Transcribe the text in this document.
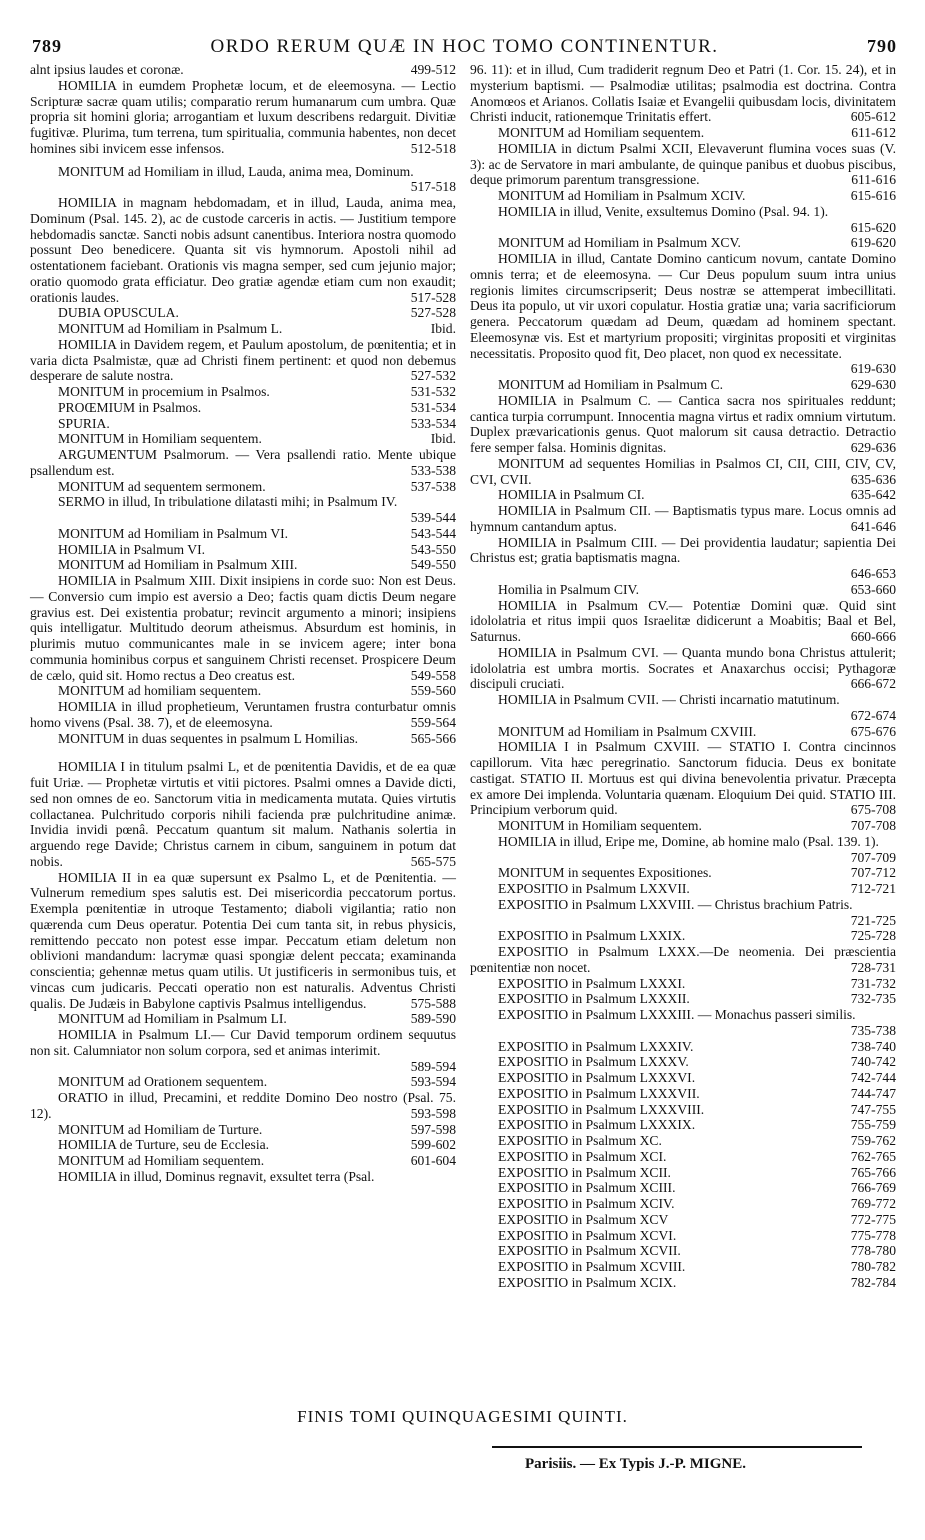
789	ORDO RERUM QUÆ IN HOC TOMO CONTINENTUR.	790

alnt ipsius laudes et coronæ.	499-512

HOMILIA in eumdem Prophetæ locum, et de eleemosyna. — Lectio Scripturæ sacræ quam utilis; comparatio rerum humanarum cum umbra. Quæ propria sit homini gloria; arrogantiam et luxum describens redarguit. Divitiæ fugitivæ. Plurima, tum terrena, tum spiritualia, communia habentes, non decet homines sibi invicem esse infensos.	512-518

MONITUM ad Homiliam in illud, Lauda, anima mea, Dominum.
517-518

HOMILIA in magnam hebdomadam, et in illud, Lauda, anima mea, Dominum (Psal. 145. 2), ac de custode carceris in actis. — Justitium tempore hebdomadis sanctæ. Sancti nobis adsunt canentibus. Interiora nostra quomodo possunt Deo benedicere. Quanta sit vis hymnorum. Apostoli nihil ad ostentationem faciebant. Orationis vis magna semper, sed cum jejunio major; oratio quomodo grata efficiatur. Deo gratiæ agendæ etiam cum non exaudit; orationis laudes.	517-528

DUBIA OPUSCULA.	527-528

MONITUM ad Homiliam in Psalmum L.	Ibid.

HOMILIA in Davidem regem, et Paulum apostolum, de pœnitentia; et in varia dicta Psalmistæ, quæ ad Christi finem pertinent: et quod non debemus desperare de salute nostra.	527-532

MONITUM in procemium in Psalmos.	531-532

PROŒMIUM in Psalmos.	531-534

SPURIA.	533-534

MONITUM in Homiliam sequentem.	Ibid.

ARGUMENTUM Psalmorum. — Vera psallendi ratio. Mente ubique psallendum est.	533-538

MONITUM ad sequentem sermonem.	537-538

SERMO in illud, In tribulatione dilatasti mihi; in Psalmum IV.
539-544

MONITUM ad Homiliam in Psalmum VI.	543-544

HOMILIA in Psalmum VI.	543-550

MONITUM ad Homiliam in Psalmum XIII.	549-550

HOMILIA in Psalmum XIII. Dixit insipiens in corde suo: Non est Deus. — Conversio cum impio est aversio a Deo; factis quam dictis Deum negare gravius est. Dei existentia probatur; revincit argumento a minori; insipiens quis intelligatur. Multitudo deorum atheismus. Absurdum est hominis, in plurimis mutuo communicantes male in se invicem agere; inter bona communia hominibus corpus et sanguinem Christi recenset. Prospicere Deum de cælo, quid sit. Homo rectus a Deo creatus est.	549-558

MONITUM ad homiliam sequentem.	559-560

HOMILIA in illud prophetieum, Veruntamen frustra conturbatur omnis homo vivens (Psal. 38. 7), et de eleemosyna.	559-564

MONITUM in duas sequentes in psalmum L Homilias.	565-566

HOMILIA I in titulum psalmi L, et de pœnitentia Davidis, et de ea quæ fuit Uriæ. — Prophetæ virtutis et vitii pictores. Psalmi omnes a Davide dicti, sed non omnes de eo. Sanctorum vitia in medicamenta mutata. Quies virtutis collactanea. Pulchritudo corporis nihili facienda præ pulchritudine animæ. Invidia invidi pœnâ. Peccatum quantum sit malum. Nathanis solertia in arguendo rege Davide; Christus carnem in cibum, sanguinem in potum dat nobis.	565-575

HOMILIA II in ea quæ supersunt ex Psalmo L, et de Pœnitentia. — Vulnerum remedium spes salutis est. Dei misericordia peccatorum portus. Exempla pœnitentiæ in utroque Testamento; diaboli vigilantia; ratio non quærenda cum Deus operatur. Potentia Dei cum tanta sit, in rebus physicis, remittendo peccato non potest esse impar. Peccatum etiam deletum non oblivioni mandandum: lacrymæ quasi spongiæ delent peccata; examinanda conscientia; gehennæ metus quam utilis. Ut justificeris in sermonibus tuis, et vincas cum judicaris. Peccati operatio non est naturalis. Adventus Christi qualis. De Judæis in Babylone captivis Psalmus intelligendus.	575-588

MONITUM ad Homiliam in Psalmum LI.	589-590

HOMILIA in Psalmum LI.— Cur David temporum ordinem sequutus non sit. Calumniator non solum corpora, sed et animas interimit.
589-594

MONITUM ad Orationem sequentem.	593-594

ORATIO in illud, Precamini, et reddite Domino Deo nostro (Psal. 75. 12).	593-598

MONITUM ad Homiliam de Turture.	597-598

HOMILIA de Turture, seu de Ecclesia.	599-602

MONITUM ad Homiliam sequentem.	601-604

HOMILIA in illud, Dominus regnavit, exsultet terra (Psal.

96. 11): et in illud, Cum tradiderit regnum Deo et Patri (1. Cor. 15. 24), et in mysterium baptismi. — Psalmodiæ utilitas; psalmodia est doctrina. Contra Anomœos et Arianos. Collatis Isaiæ et Evangelii quibusdam locis, divinitatem Christi inducit, rationemque Trinitatis effert.	605-612

MONITUM ad Homiliam sequentem.	611-612

HOMILIA in dictum Psalmi XCII, Elevaverunt flumina voces suas (V. 3): ac de Servatore in mari ambulante, de quinque panibus et duobus piscibus, deque primorum parentum transgressione.	611-616

MONITUM ad Homiliam in Psalmum XCIV.	615-616

HOMILIA in illud, Venite, exsultemus Domino (Psal. 94. 1).
615-620

MONITUM ad Homiliam in Psalmum XCV.	619-620

HOMILIA in illud, Cantate Domino canticum novum, cantate Domino omnis terra; et de eleemosyna. — Cur Deus populum suum intra unius regionis limites circumscripserit; Deus nostræ se attemperat imbecillitati. Deus ita populo, ut vir uxori copulatur. Hostia gratiæ una; varia sacrificiorum genera. Peccatorum quædam ad Deum, quædam ad hominem spectant. Eleemosynæ vis. Est et martyrium propositi; virginitas propositi et virginitas necessitatis. Proposito quod fit, Deo placet, non quod ex necessitate.
619-630

MONITUM ad Homiliam in Psalmum C.	629-630

HOMILIA in Psalmum C. — Cantica sacra nos spirituales reddunt; cantica turpia corrumpunt. Innocentia magna virtus et radix omnium virtutum. Duplex prævaricationis genus. Quot malorum sit causa detractio. Detractio fere semper falsa. Hominis dignitas.	629-636

MONITUM ad sequentes Homilias in Psalmos CI, CII, CIII, CIV, CV, CVI, CVII.	635-636

HOMILIA in Psalmum CI.	635-642

HOMILIA in Psalmum CII. — Baptismatis typus mare. Locus omnis ad hymnum cantandum aptus.	641-646

HOMILIA in Psalmum CIII. — Dei providentia laudatur; sapientia Dei Christus est; gratia baptismatis magna.
646-653

Homilia in Psalmum CIV.	653-660

HOMILIA in Psalmum CV.— Potentiæ Domini quæ. Quid sint idololatria et ritus impii quos Israelitæ didicerunt a Moabitis; Baal et Bel, Saturnus.	660-666

HOMILIA in Psalmum CVI. — Quanta mundo bona Christus attulerit; idololatria est umbra mortis. Socrates et Anaxarchus occisi; Pythagoræ discipuli cruciati.	666-672

HOMILIA in Psalmum CVII. — Christi incarnatio matutinum.
672-674

MONITUM ad Homiliam in Psalmum CXVIII.	675-676

HOMILIA I in Psalmum CXVIII. — STATIO I. Contra cincinnos capillorum. Vita hæc peregrinatio. Sanctorum fiducia. Deus ex bonitate castigat. STATIO II. Mortuus est qui divina benevolentia privatur. Præcepta ex amore Dei implenda. Voluntaria quænam. Eloquium Dei quid. STATIO III. Principium verborum quid.	675-708

MONITUM in Homiliam sequentem.	707-708

HOMILIA in illud, Eripe me, Domine, ab homine malo (Psal. 139. 1).
707-709

MONITUM in sequentes Expositiones.	707-712

EXPOSITIO in Psalmum LXXVII.	712-721

EXPOSITIO in Psalmum LXXVIII. — Christus brachium Patris.
721-725

EXPOSITIO in Psalmum LXXIX.	725-728

EXPOSITIO in Psalmum LXXX.—De neomenia. Dei præscientia pœnitentiæ non nocet.	728-731

EXPOSITIO in Psalmum LXXXI.	731-732

EXPOSITIO in Psalmum LXXXII.	732-735

EXPOSITIO in Psalmum LXXXIII. — Monachus passeri similis.
735-738

EXPOSITIO in Psalmum LXXXIV.	738-740

EXPOSITIO in Psalmum LXXXV.	740-742

EXPOSITIO in Psalmum LXXXVI.	742-744

EXPOSITIO in Psalmum LXXXVII.	744-747

EXPOSITIO in Psalmum LXXXVIII.	747-755

EXPOSITIO in Psalmum LXXXIX.	755-759

EXPOSITIO in Psalmum XC.	759-762

EXPOSITIO in Psalmum XCI.	762-765

EXPOSITIO in Psalmum XCII.	765-766

EXPOSITIO in Psalmum XCIII.	766-769

EXPOSITIO in Psalmum XCIV.	769-772

EXPOSITIO in Psalmum XCV	772-775

EXPOSITIO in Psalmum XCVI.	775-778

EXPOSITIO in Psalmum XCVII.	778-780

EXPOSITIO in Psalmum XCVIII.	780-782

EXPOSITIO in Psalmum XCIX.	782-784

FINIS TOMI QUINQUAGESIMI QUINTI.
Parisiis. — Ex Typis J.-P. MIGNE.
